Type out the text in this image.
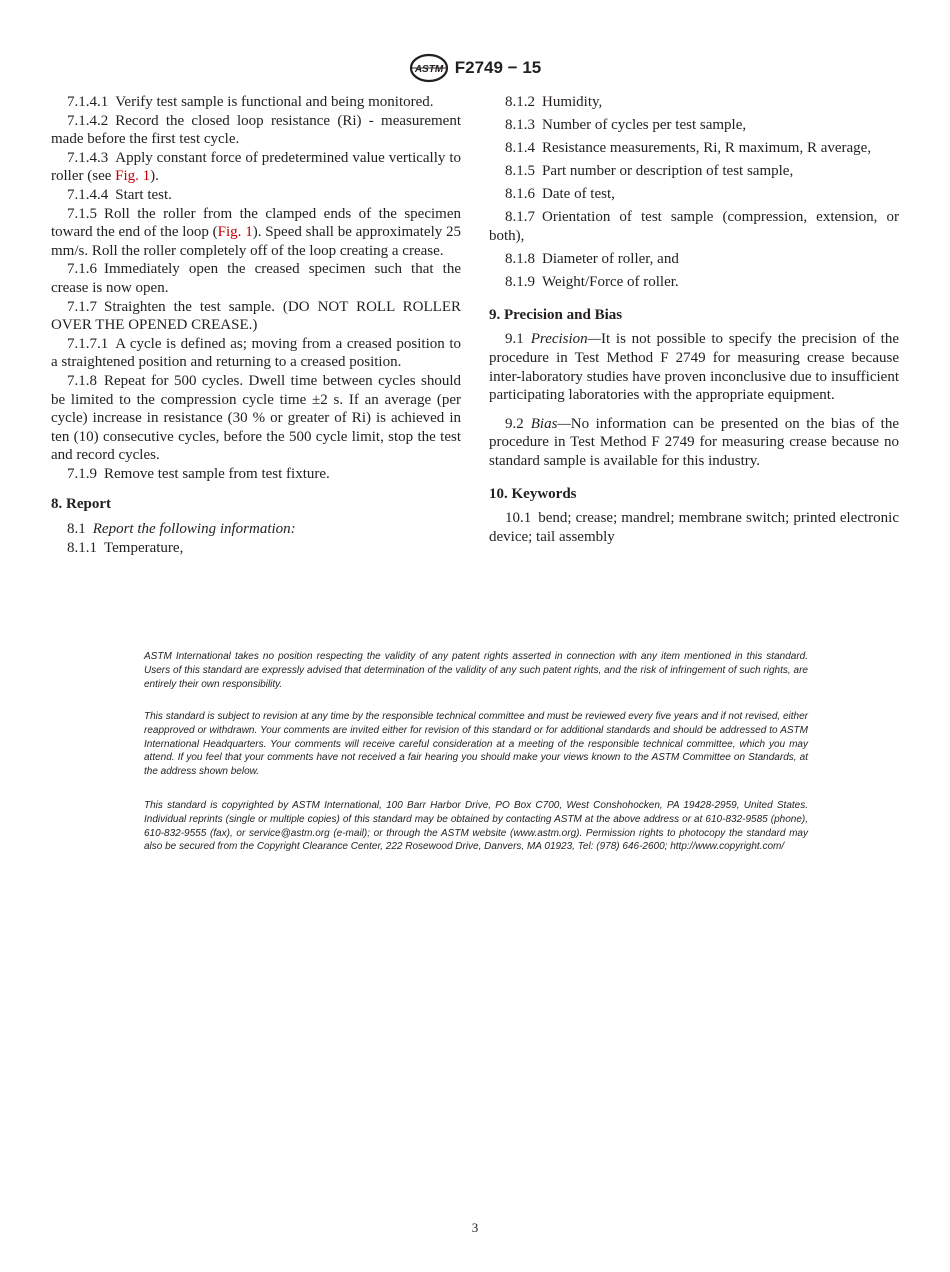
ASTM F2749 − 15

7.1.4.1 Verify test sample is functional and being monitored.

7.1.4.2 Record the closed loop resistance (Ri) - measurement made before the first test cycle.

7.1.4.3 Apply constant force of predetermined value vertically to roller (see Fig. 1).

7.1.4.4 Start test.

7.1.5 Roll the roller from the clamped ends of the specimen toward the end of the loop (Fig. 1). Speed shall be approximately 25 mm/s. Roll the roller completely off of the loop creating a crease.

7.1.6 Immediately open the creased specimen such that the crease is now open.

7.1.7 Straighten the test sample. (DO NOT ROLL ROLLER OVER THE OPENED CREASE.)

7.1.7.1 A cycle is defined as; moving from a creased position to a straightened position and returning to a creased position.

7.1.8 Repeat for 500 cycles. Dwell time between cycles should be limited to the compression cycle time ±2 s. If an average (per cycle) increase in resistance (30 % or greater of Ri) is achieved in ten (10) consecutive cycles, before the 500 cycle limit, stop the test and record cycles.

7.1.9 Remove test sample from test fixture.

8. Report

8.1 Report the following information:

8.1.1 Temperature,

8.1.2 Humidity,

8.1.3 Number of cycles per test sample,

8.1.4 Resistance measurements, Ri, R maximum, R average,

8.1.5 Part number or description of test sample,

8.1.6 Date of test,

8.1.7 Orientation of test sample (compression, extension, or both),

8.1.8 Diameter of roller, and

8.1.9 Weight/Force of roller.

9. Precision and Bias

9.1 Precision—It is not possible to specify the precision of the procedure in Test Method F 2749 for measuring crease because inter-laboratory studies have proven inconclusive due to insufficient participating laboratories with the appropriate equipment.

9.2 Bias—No information can be presented on the bias of the procedure in Test Method F 2749 for measuring crease because no standard sample is available for this industry.

10. Keywords

10.1 bend; crease; mandrel; membrane switch; printed electronic device; tail assembly

ASTM International takes no position respecting the validity of any patent rights asserted in connection with any item mentioned in this standard. Users of this standard are expressly advised that determination of the validity of any such patent rights, and the risk of infringement of such rights, are entirely their own responsibility.

This standard is subject to revision at any time by the responsible technical committee and must be reviewed every five years and if not revised, either reapproved or withdrawn. Your comments are invited either for revision of this standard or for additional standards and should be addressed to ASTM International Headquarters. Your comments will receive careful consideration at a meeting of the responsible technical committee, which you may attend. If you feel that your comments have not received a fair hearing you should make your views known to the ASTM Committee on Standards, at the address shown below.

This standard is copyrighted by ASTM International, 100 Barr Harbor Drive, PO Box C700, West Conshohocken, PA 19428-2959, United States. Individual reprints (single or multiple copies) of this standard may be obtained by contacting ASTM at the above address or at 610-832-9585 (phone), 610-832-9555 (fax), or service@astm.org (e-mail); or through the ASTM website (www.astm.org). Permission rights to photocopy the standard may also be secured from the Copyright Clearance Center, 222 Rosewood Drive, Danvers, MA 01923, Tel: (978) 646-2600; http://www.copyright.com/

3
